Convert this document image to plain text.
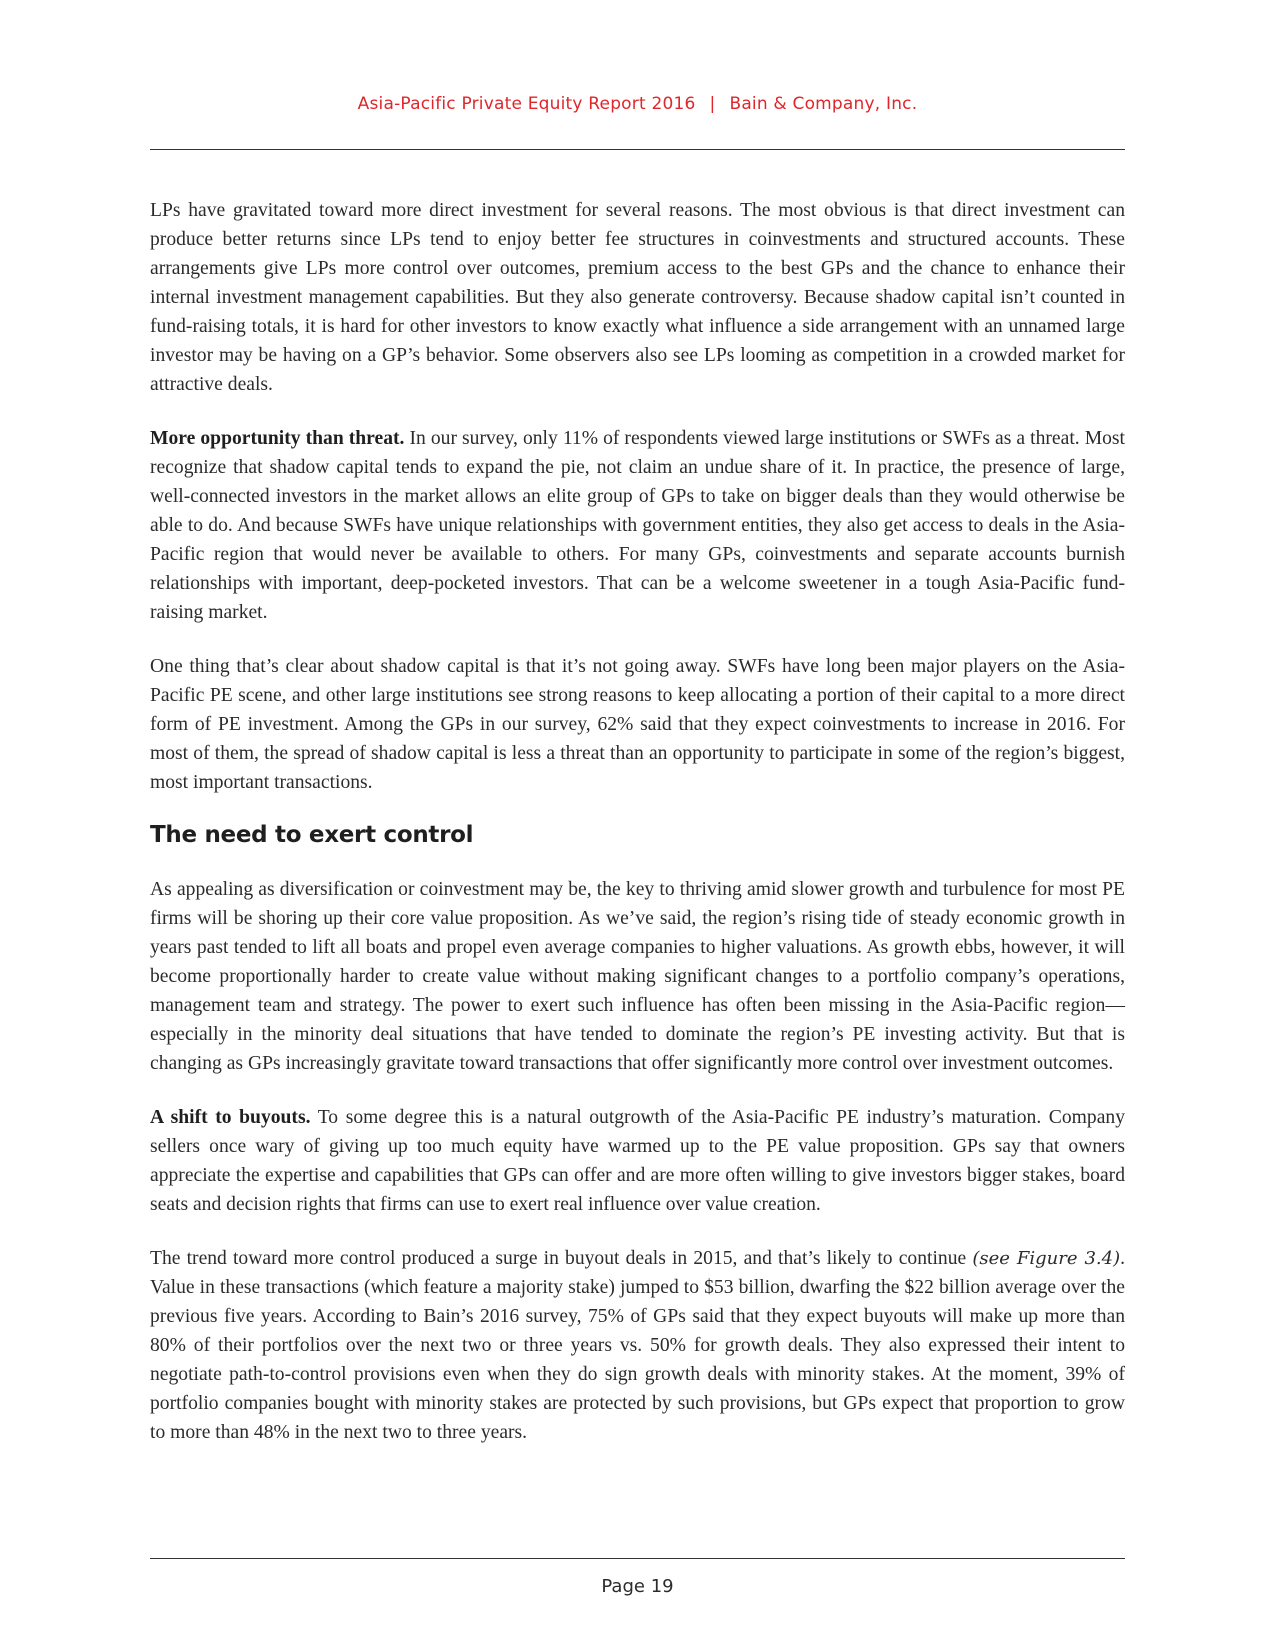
Asia-Pacific Private Equity Report 2016 | Bain & Company, Inc.

LPs have gravitated toward more direct investment for several reasons. The most obvious is that direct investment can produce better returns since LPs tend to enjoy better fee structures in coinvestments and structured accounts. These arrangements give LPs more control over outcomes, premium access to the best GPs and the chance to enhance their internal investment management capabilities. But they also generate controversy. Because shadow capital isn’t counted in fund-raising totals, it is hard for other investors to know exactly what influence a side arrangement with an unnamed large investor may be having on a GP’s behavior. Some observers also see LPs looming as competition in a crowded market for attractive deals.

More opportunity than threat. In our survey, only 11% of respondents viewed large institutions or SWFs as a threat. Most recognize that shadow capital tends to expand the pie, not claim an undue share of it. In practice, the presence of large, well-connected investors in the market allows an elite group of GPs to take on bigger deals than they would otherwise be able to do. And because SWFs have unique relationships with government entities, they also get access to deals in the Asia-Pacific region that would never be available to others. For many GPs, coinvestments and separate accounts burnish relationships with important, deep-pocketed investors. That can be a welcome sweetener in a tough Asia-Pacific fund-raising market.

One thing that’s clear about shadow capital is that it’s not going away. SWFs have long been major players on the Asia-Pacific PE scene, and other large institutions see strong reasons to keep allocating a portion of their capital to a more direct form of PE investment. Among the GPs in our survey, 62% said that they expect coinvestments to increase in 2016. For most of them, the spread of shadow capital is less a threat than an opportunity to participate in some of the region’s biggest, most important transactions.

The need to exert control

As appealing as diversification or coinvestment may be, the key to thriving amid slower growth and turbulence for most PE firms will be shoring up their core value proposition. As we’ve said, the region’s rising tide of steady economic growth in years past tended to lift all boats and propel even average companies to higher valuations. As growth ebbs, however, it will become proportionally harder to create value without making significant changes to a portfolio company’s operations, management team and strategy. The power to exert such influence has often been missing in the Asia-Pacific region—especially in the minority deal situations that have tended to dominate the region’s PE investing activity. But that is changing as GPs increasingly gravitate toward transactions that offer significantly more control over investment outcomes.

A shift to buyouts. To some degree this is a natural outgrowth of the Asia-Pacific PE industry’s maturation. Company sellers once wary of giving up too much equity have warmed up to the PE value proposition. GPs say that owners appreciate the expertise and capabilities that GPs can offer and are more often willing to give investors bigger stakes, board seats and decision rights that firms can use to exert real influence over value creation.

The trend toward more control produced a surge in buyout deals in 2015, and that’s likely to continue (see Figure 3.4). Value in these transactions (which feature a majority stake) jumped to $53 billion, dwarfing the $22 billion average over the previous five years. According to Bain’s 2016 survey, 75% of GPs said that they expect buyouts will make up more than 80% of their portfolios over the next two or three years vs. 50% for growth deals. They also expressed their intent to negotiate path-to-control provisions even when they do sign growth deals with minority stakes. At the moment, 39% of portfolio companies bought with minority stakes are protected by such provisions, but GPs expect that proportion to grow to more than 48% in the next two to three years.

Page 19
